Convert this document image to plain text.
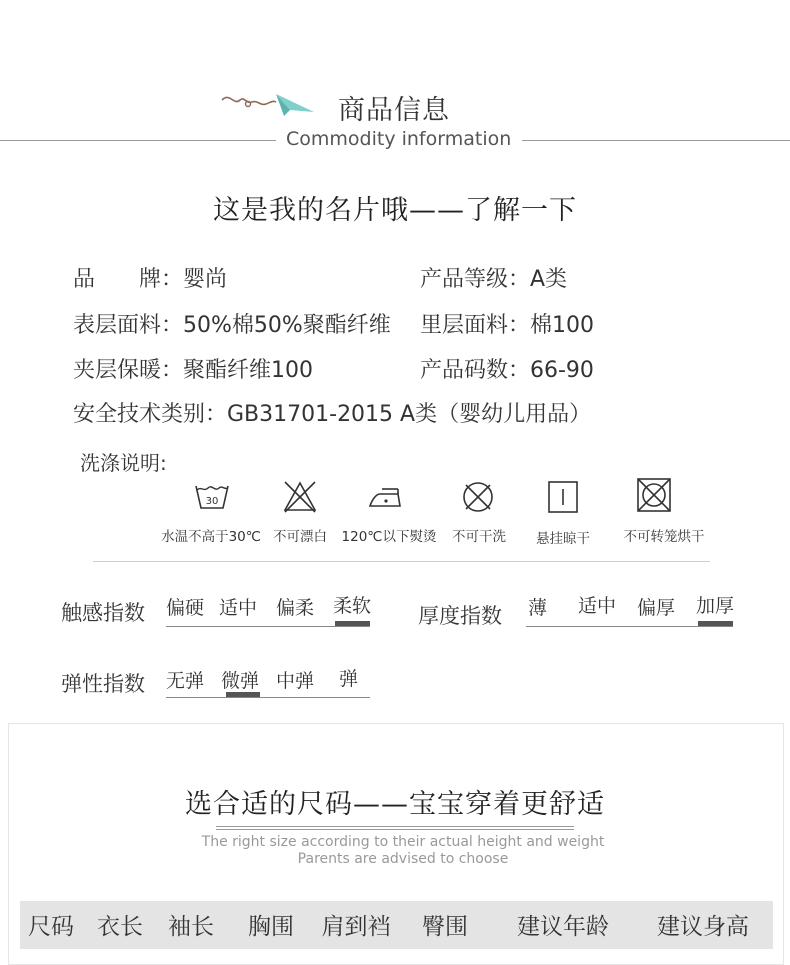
商品信息
Commodity information
这是我的名片哦——了解一下
品　　牌：婴尚	产品等级：A类
表层面料：50%棉50%聚酯纤维 里层面料：棉100
夹层保暖：聚酯纤维100	产品码数：66-90
安全技术类别：GB31701-2015 A类（婴幼儿用品）
洗涤说明:
30
水温不高于30℃ 不可漂白 120℃以下熨烫 不可干洗 悬挂晾干 不可转笼烘干
触感指数 偏硬 适中 偏柔 柔软 厚度指数 薄 适中 偏厚 加厚
弹性指数 无弹 微弹 中弹 弹
选合适的尺码——宝宝穿着更舒适
The right size according to their actual height and weight
Parents are advised to choose
尺码 衣长 袖长 胸围 肩到裆 臀围 建议年龄 建议身高
